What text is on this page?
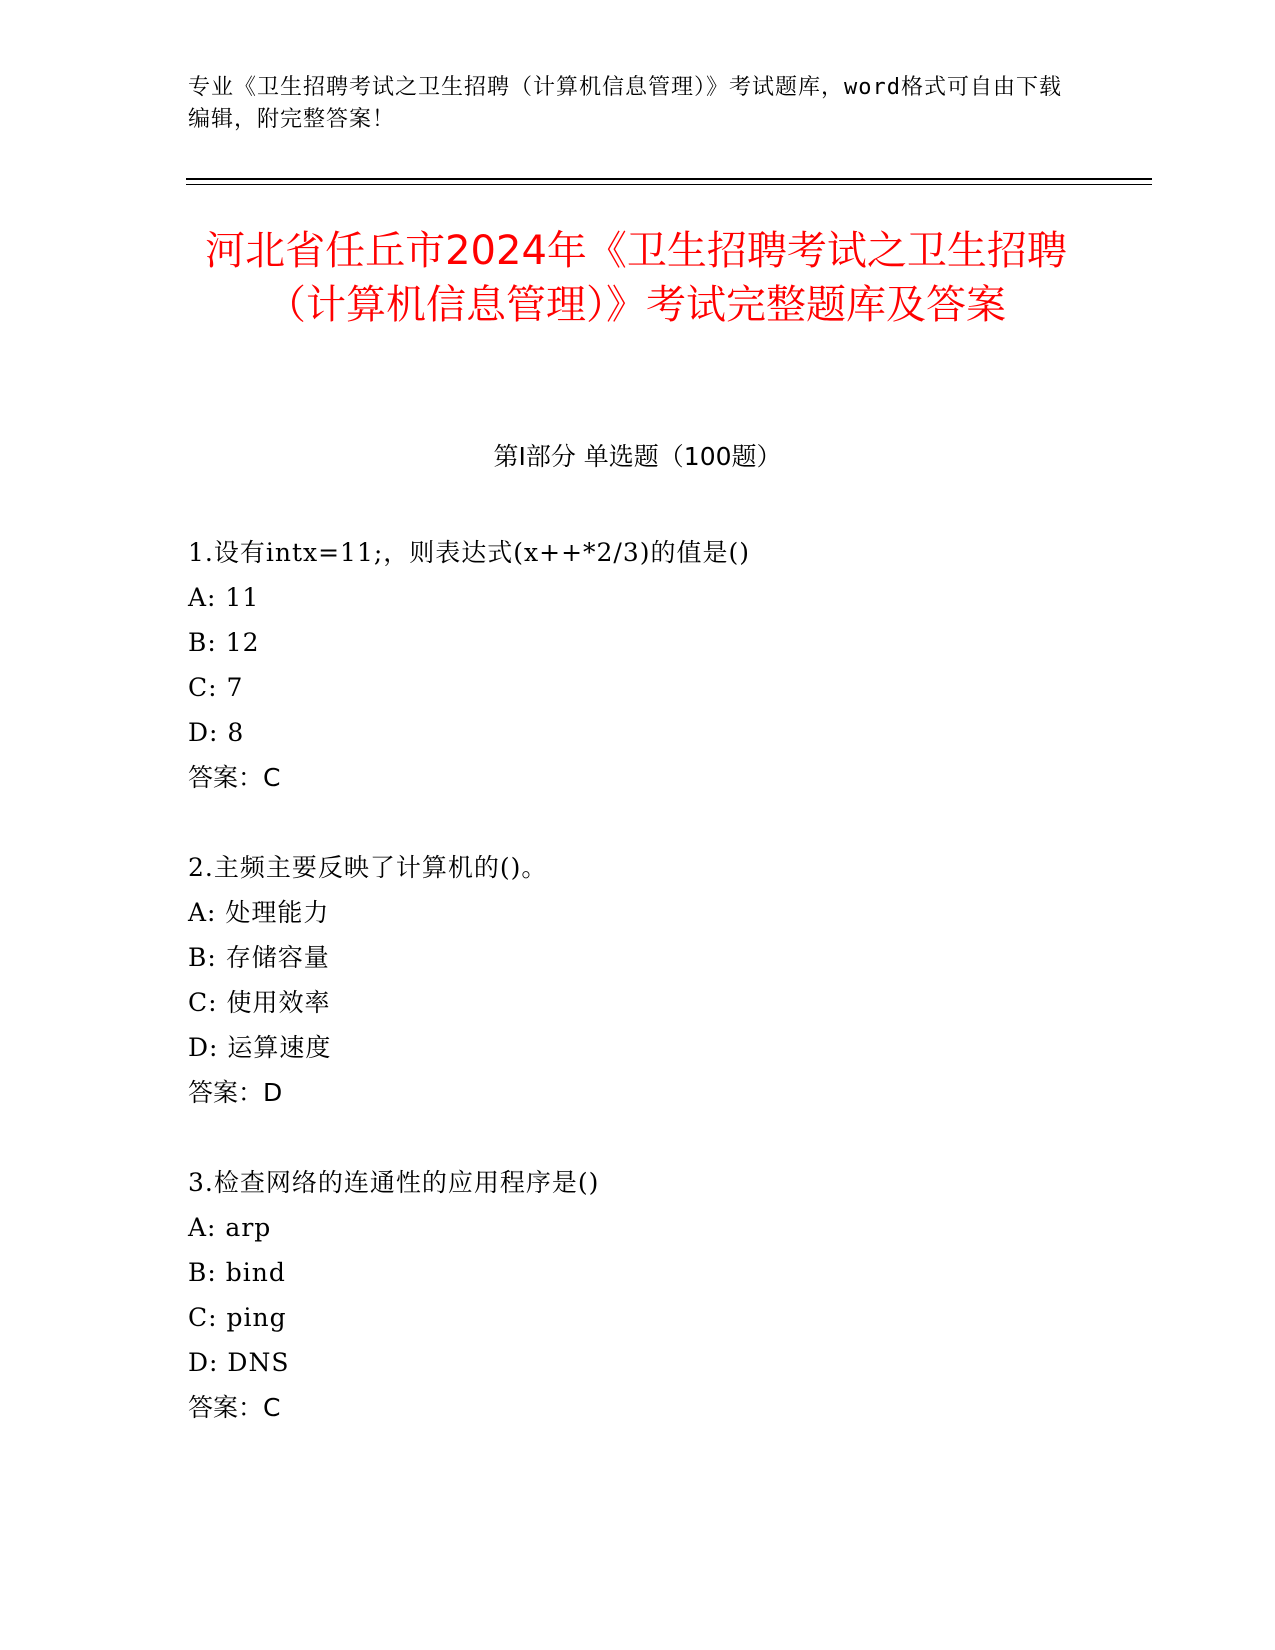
专业《卫生招聘考试之卫生招聘（计算机信息管理）》考试题库，word格式可自由下载编辑，附完整答案！
河北省任丘市2024年《卫生招聘考试之卫生招聘（计算机信息管理）》考试完整题库及答案
第Ⅰ部分 单选题（100题）
1.设有intx=11;，则表达式(x++*2/3)的值是()
A: 11
B: 12
C: 7
D: 8
答案：C
2.主频主要反映了计算机的()。
A: 处理能力
B: 存储容量
C: 使用效率
D: 运算速度
答案：D
3.检查网络的连通性的应用程序是()
A: arp
B: bind
C: ping
D: DNS
答案：C
